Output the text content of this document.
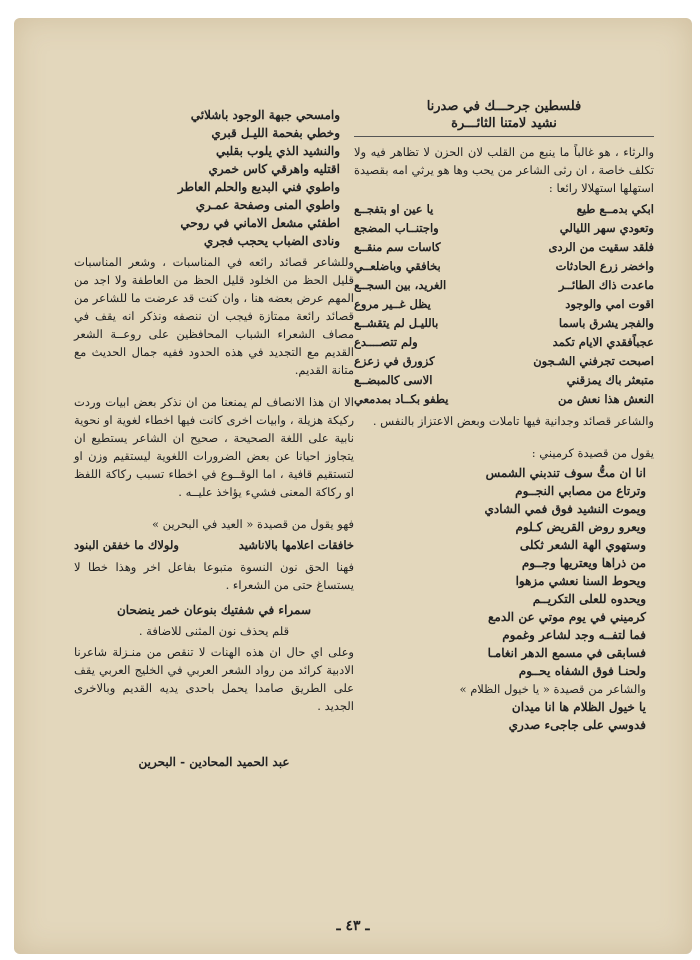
فلسطين جرحـــك في صدرنا
نشيد لامتنا الثائـــرة

والرثاء ، هو غالباً ما ينبع من القلب لان الحزن لا تظاهر فيه ولا تكلف خاصة ، ان رثى الشاعر من يحب وها هو يرثي امه بقصيدة استهلها استهلالا رائعا :

ابكي بدمــع طيع
يا عين او بتفجــع
وتعودي سهر الليالي
واجتنــاب المضجع
فلقد سقيت من الردى
كاسات سم منقــع
واخضر زرع الحادثات
بخافقي وباضلعــي
ماعدت ذاك الطائــر
الغريد، بين السجــع
اقوت امي والوجود
يظل غــير مروع
والفجر يشرق باسما
بالليـل لم يتقشــع
عجباًفقدي الايام تكمد
ولم تتصــــدع
اصبحت تجرفني الشـجون
كزورق في زعزع
متبعثر باك يمزقني
الاسى كالمبضــع
النعش هذا نعش من
يطفو بكــاد بمدمعي

والشاعر قصائد وجدانية فيها تاملات وبعض الاعتزاز بالنفس .

يقول من قصيدة كرميني :

انا ان متُّ سوف تندبني الشمس
وترتاع من مصابي النجــوم
ويموت النشيد فوق فمي الشادي
ويعرو روض القريض كـلوم
وستهوي الهة الشعر ثكلى
من ذراها ويعتريها وجــوم
ويحوط السنا نعشي مزهوا
ويحدوه للعلى التكريــم
كرميني في يوم موتي عن الدمع
فما لتفــه وجد لشاعر وغموم
فسابقى في مسمع الدهر انغامـا
ولحنـا فوق الشفاه يحــوم
والشاعر من قصيدة « يا خيول الظلام »
يا خيول الظلام ها انا ميدان
فدوسي على جاجىء صدري
وامسحي جبهة الوجود باشلائي
وخطي بفحمة الليـل قبري
والنشيد الذي يلوب بقلبي
اقتليه واهرقي كاس خمري
واطوي فني البديع والحلم العاطر
واطوي المنى وصفحة عمـري
اطفئي مشعل الاماني في روحي
ونادى الضباب يحجب فجري

وللشاعر قصائد رائعه في المناسبات ، وشعر المناسبات قليل الحظ من الخلود قليل الحظ من العاطفة ولا اجد من المهم عرض بعضه هنا ، وان كنت قد عرضت ما للشاعر من قصائد رائعة ممتازة فيجب ان ننصفه ونذكر انه يقف في مصاف الشعراء الشباب المحافظين على روعــة الشعر القديم مع التجديد في هذه الحدود ففيه جمال الحديث مع متانة القديم.

الا ان هذا الانصاف لم يمنعنا من ان نذكر بعض ابيات وردت ركيكة هزيلة ، وابيات اخرى كانت فيها اخطاء لغوية او نحوية نابية على اللغة الصحيحة ، صحيح ان الشاعر يستطيع ان يتجاوز احيانا عن بعض الضرورات اللغوية ليستقيم وزن او لتستقيم قافية ، اما الوقــوع في اخطاء تسبب ركاكة اللفظ او ركاكة المعنى فشيء يؤاخذ عليــه .

فهو يقول من قصيدة « العيد في البحرين »

خافقات اعلامها بالاناشيد
ولولاك ما خفقن البنود

فهنا الحق نون النسوة متبوعا بفاعل اخر وهذا خطا لا يستساغ حتى من الشعراء .

سمراء في شفتيك بنوعان خمر ينضحان

قلم يحذف نون المثنى للاضافة .

وعلى اي حال ان هذه الهنات لا تنقص من منـزلة شاعرنا الادبية كرائد من رواد الشعر العربي في الخليج العربي يقف على الطريق صامدا يحمل باحدى يديه القديم وبالاخرى الجديد .

عبد الحميد المحادين - البحرين
ـ ٤٣ ـ
